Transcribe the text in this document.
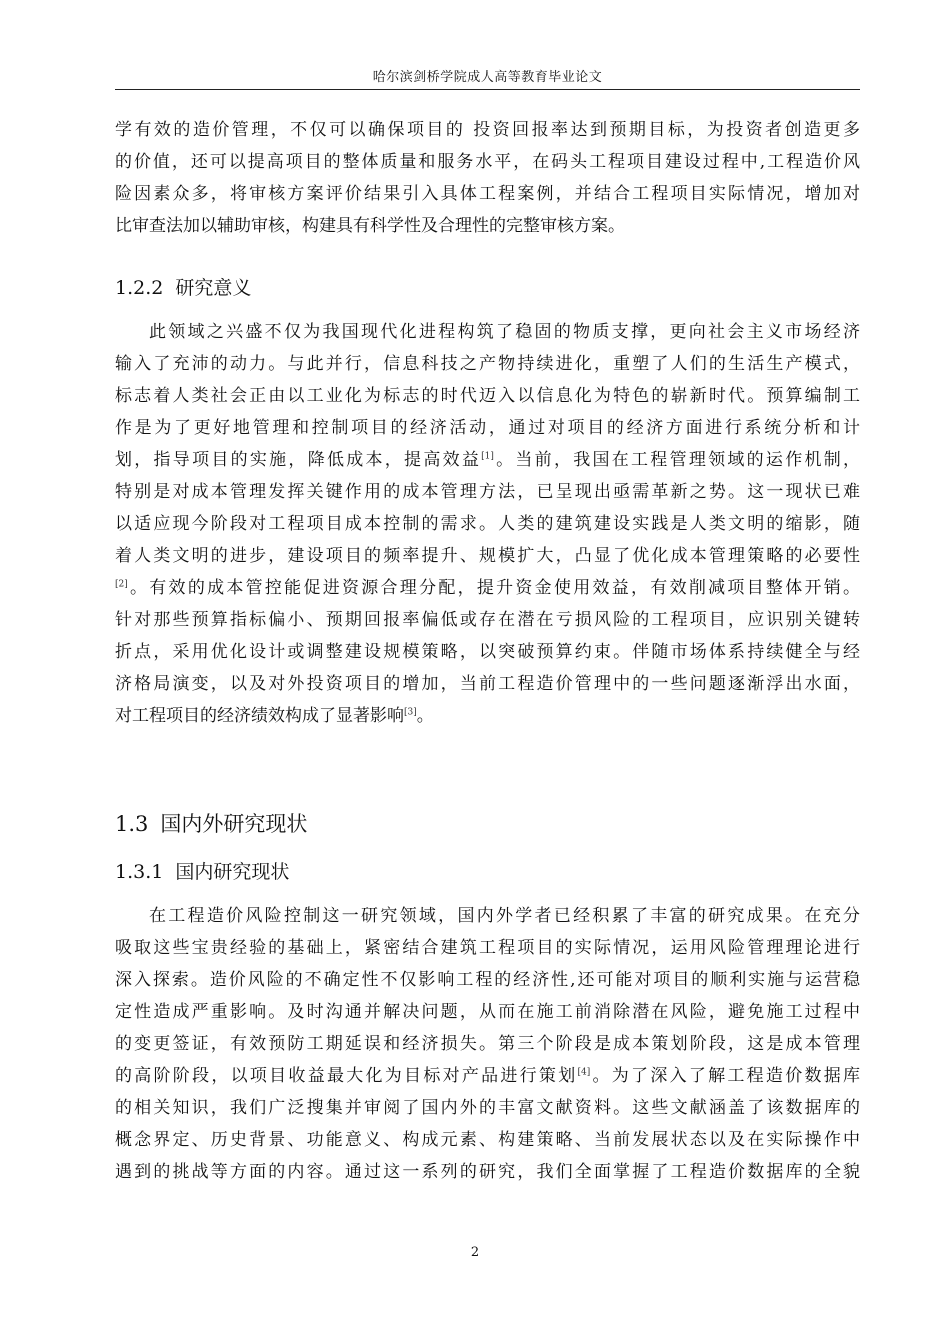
哈尔滨剑桥学院成人高等教育毕业论文
学有效的造价管理，不仅可以确保项目的 投资回报率达到预期目标，为投资者创造更多
的价值，还可以提高项目的整体质量和服务水平，在码头工程项目建设过程中,工程造价风
险因素众多，将审核方案评价结果引入具体工程案例，并结合工程项目实际情况，增加对
比审查法加以辅助审核，构建具有科学性及合理性的完整审核方案。
1.2.2 研究意义
此领域之兴盛不仅为我国现代化进程构筑了稳固的物质支撑，更向社会主义市场经济
输入了充沛的动力。与此并行，信息科技之产物持续进化，重塑了人们的生活生产模式，
标志着人类社会正由以工业化为标志的时代迈入以信息化为特色的崭新时代。预算编制工
作是为了更好地管理和控制项目的经济活动，通过对项目的经济方面进行系统分析和计
划，指导项目的实施，降低成本，提高效益[1]。当前，我国在工程管理领域的运作机制，
特别是对成本管理发挥关键作用的成本管理方法，已呈现出亟需革新之势。这一现状已难
以适应现今阶段对工程项目成本控制的需求。人类的建筑建设实践是人类文明的缩影，随
着人类文明的进步，建设项目的频率提升、规模扩大，凸显了优化成本管理策略的必要性
[2]。有效的成本管控能促进资源合理分配，提升资金使用效益，有效削减项目整体开销。
针对那些预算指标偏小、预期回报率偏低或存在潜在亏损风险的工程项目，应识别关键转
折点，采用优化设计或调整建设规模策略，以突破预算约束。伴随市场体系持续健全与经
济格局演变，以及对外投资项目的增加，当前工程造价管理中的一些问题逐渐浮出水面，
对工程项目的经济绩效构成了显著影响[3]。
1.3 国内外研究现状
1.3.1 国内研究现状
在工程造价风险控制这一研究领域，国内外学者已经积累了丰富的研究成果。在充分
吸取这些宝贵经验的基础上，紧密结合建筑工程项目的实际情况，运用风险管理理论进行
深入探索。造价风险的不确定性不仅影响工程的经济性,还可能对项目的顺利实施与运营稳
定性造成严重影响。及时沟通并解决问题，从而在施工前消除潜在风险，避免施工过程中
的变更签证，有效预防工期延误和经济损失。第三个阶段是成本策划阶段，这是成本管理
的高阶阶段，以项目收益最大化为目标对产品进行策划[4]。为了深入了解工程造价数据库
的相关知识，我们广泛搜集并审阅了国内外的丰富文献资料。这些文献涵盖了该数据库的
概念界定、历史背景、功能意义、构成元素、构建策略、当前发展状态以及在实际操作中
遇到的挑战等方面的内容。通过这一系列的研究，我们全面掌握了工程造价数据库的全貌
2
